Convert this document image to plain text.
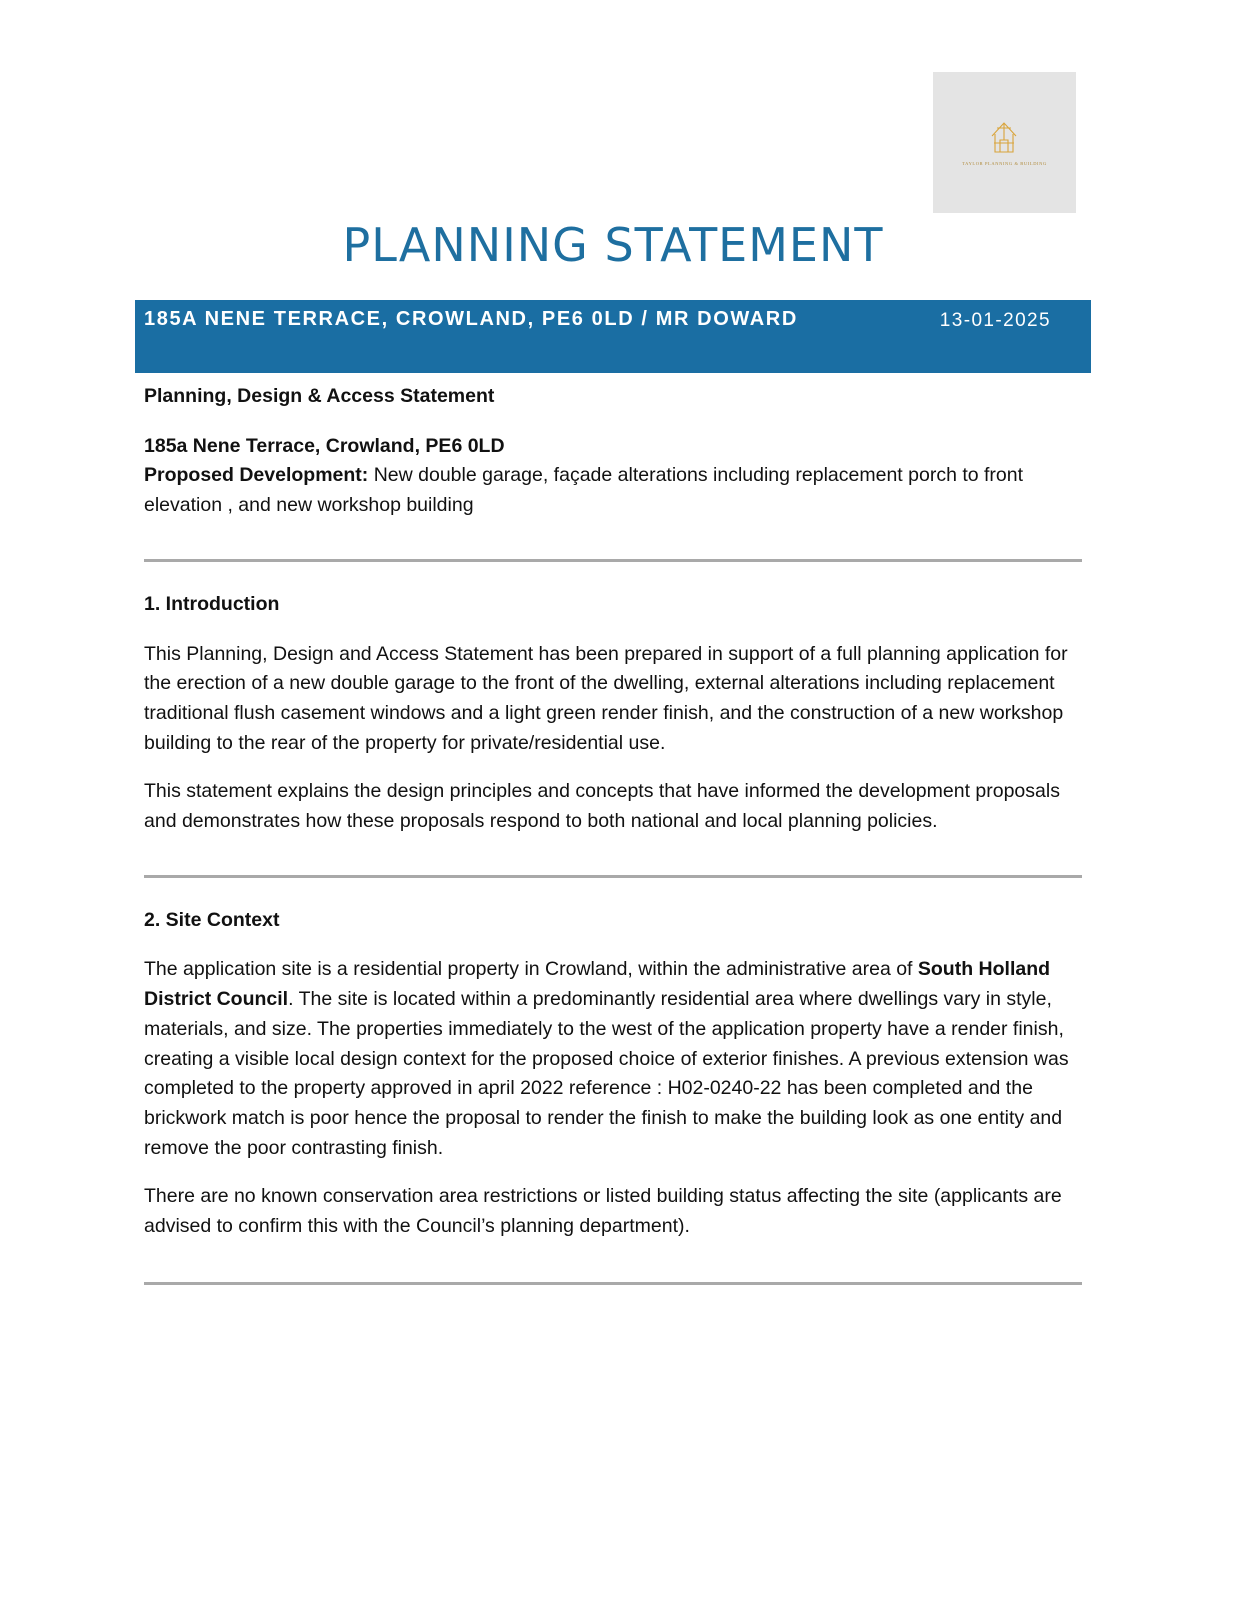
TAYLOR PLANNING & BUILDING
PLANNING STATEMENT
185A NENE TERRACE, CROWLAND, PE6 0LD / MR DOWARD	13-01-2025

Planning, Design & Access Statement

185a Nene Terrace, Crowland, PE6 0LD

Proposed Development: New double garage, façade alterations including replacement porch to front elevation , and new workshop building

1. Introduction

This Planning, Design and Access Statement has been prepared in support of a full planning application for the erection of a new double garage to the front of the dwelling, external alterations including replacement traditional flush casement windows and a light green render finish, and the construction of a new workshop building to the rear of the property for private/residential use.

This statement explains the design principles and concepts that have informed the development proposals and demonstrates how these proposals respond to both national and local planning policies.

2. Site Context

The application site is a residential property in Crowland, within the administrative area of South Holland District Council. The site is located within a predominantly residential area where dwellings vary in style, materials, and size. The properties immediately to the west of the application property have a render finish, creating a visible local design context for the proposed choice of exterior finishes. A previous extension was completed to the property approved in april 2022 reference : H02-0240-22 has been completed and the brickwork match is poor hence the proposal to render the finish to make the building look as one entity and remove the poor contrasting finish.

There are no known conservation area restrictions or listed building status affecting the site (applicants are advised to confirm this with the Council’s planning department).
